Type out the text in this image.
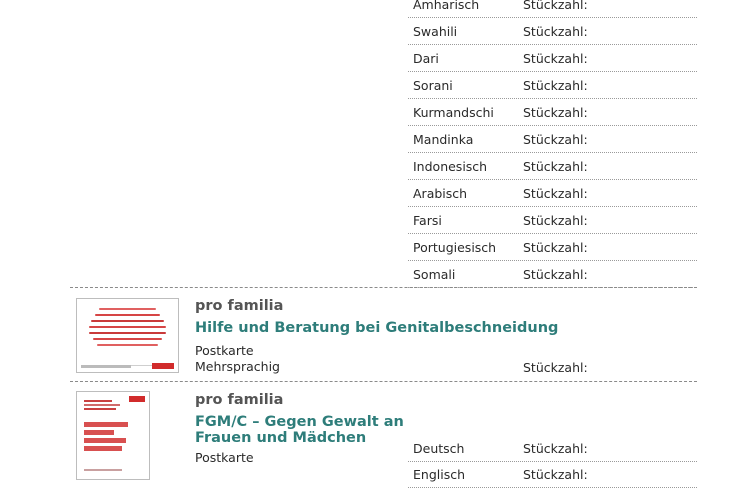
Amharisch	Stückzahl:
Swahili	Stückzahl:
Dari	Stückzahl:
Sorani	Stückzahl:
Kurmandschi Stückzahl:
Mandinka	Stückzahl:
Indonesisch	Stückzahl:
Arabisch	Stückzahl:
Farsi	Stückzahl:
Portugiesisch Stückzahl:
Somali	Stückzahl:
pro familia
Hilfe und Beratung bei Genitalbeschneidung
Postkarte
Mehrsprachig	Stückzahl:
pro familia
FGM/C – Gegen Gewalt an
Frauen und Mädchen
Postkarte
Deutsch	Stückzahl:
Englisch	Stückzahl:
